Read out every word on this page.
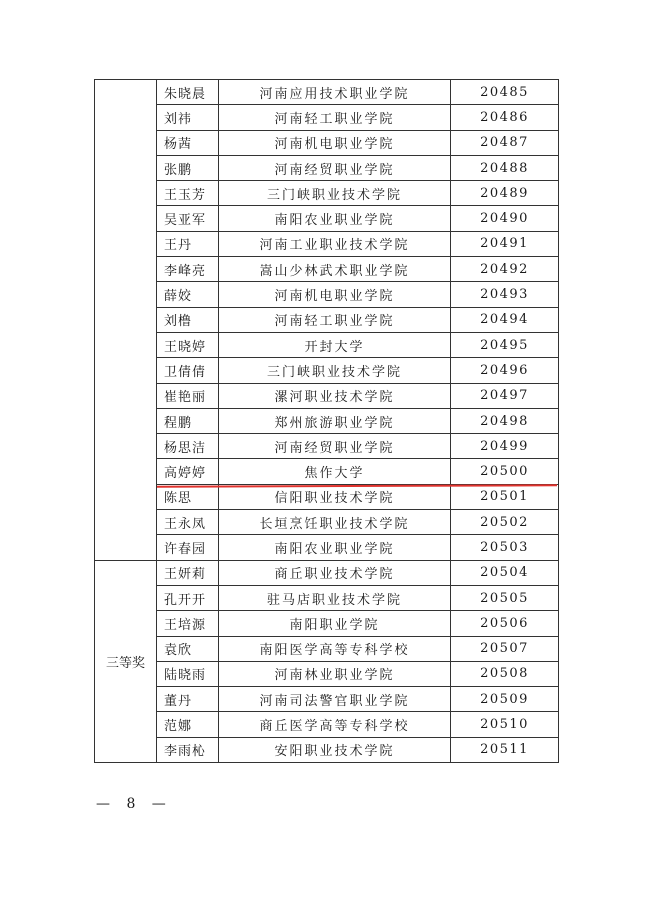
	朱晓晨	河南应用技术职业学院	20485
	刘祎	河南轻工职业学院	20486
	杨茜	河南机电职业学院	20487
	张鹏	河南经贸职业学院	20488
	王玉芳	三门峡职业技术学院	20489
	吴亚军	南阳农业职业学院	20490
	王丹	河南工业职业技术学院	20491
	李峰亮	嵩山少林武术职业学院	20492
	薛姣	河南机电职业学院	20493
	刘橹	河南轻工职业学院	20494
	王晓婷	开封大学	20495
	卫倩倩	三门峡职业技术学院	20496
	崔艳丽	漯河职业技术学院	20497
	程鹏	郑州旅游职业学院	20498
	杨思洁	河南经贸职业学院	20499
	高婷婷	焦作大学	20500
	陈思	信阳职业技术学院	20501
	王永凤	长垣烹饪职业技术学院	20502
	许春园	南阳农业职业学院	20503
三等奖	王妍莉	商丘职业技术学院	20504
	孔开开	驻马店职业技术学院	20505
	王培源	南阳职业学院	20506
	袁欣	南阳医学高等专科学校	20507
	陆晓雨	河南林业职业学院	20508
	董丹	河南司法警官职业学院	20509
	范娜	商丘医学高等专科学校	20510
	李雨杺	安阳职业技术学院	20511
— 8 —
